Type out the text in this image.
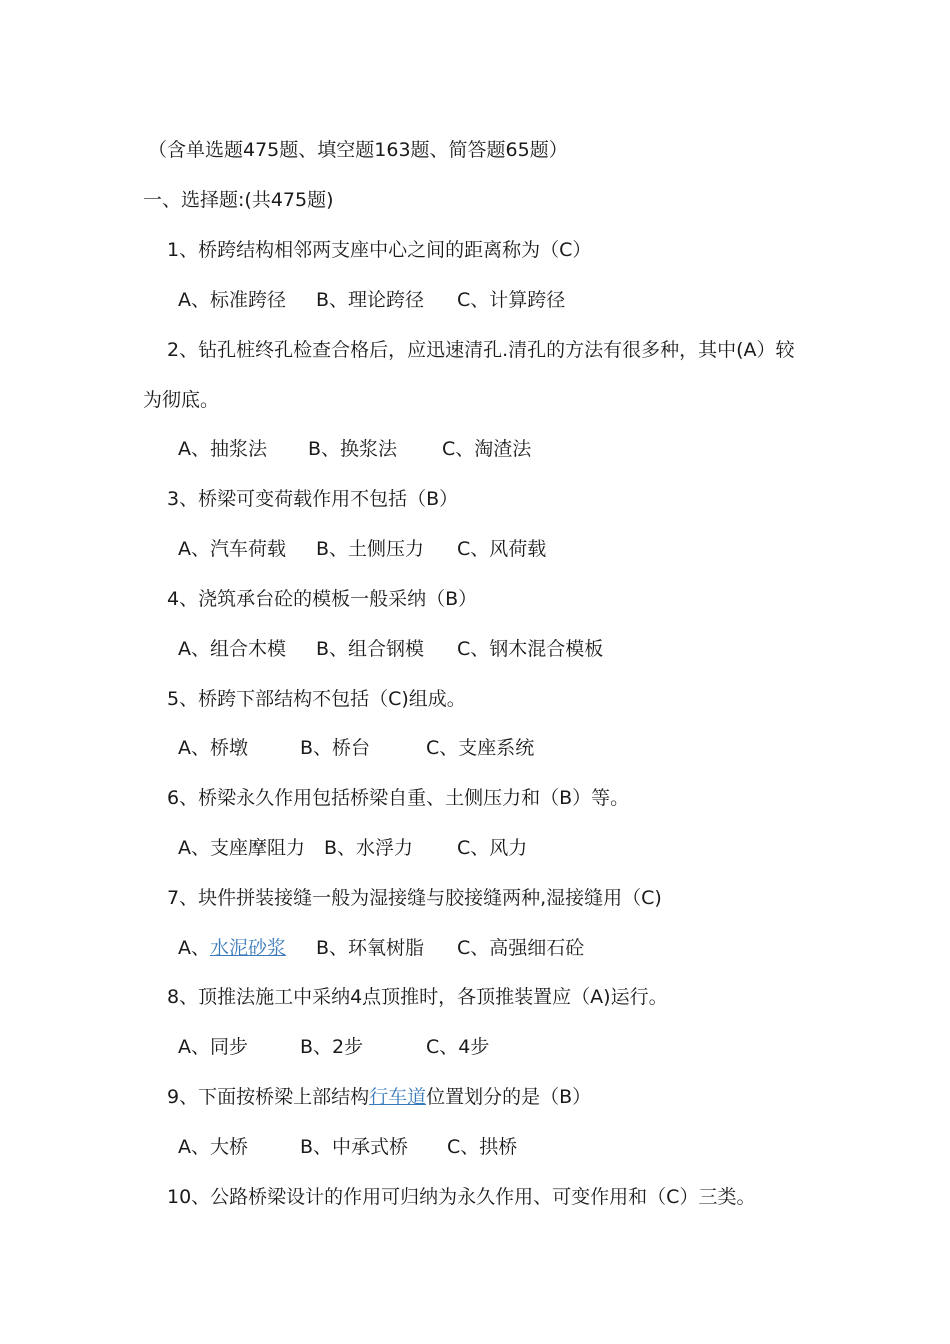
（含单选题475题、填空题163题、简答题65题）
一、选择题:(共475题)
1、桥跨结构相邻两支座中心之间的距离称为（C）
A、标准跨径 B、理论跨径 C、计算跨径
2、钻孔桩终孔检查合格后，应迅速清孔.清孔的方法有很多种，其中(A）较
为彻底。
A、抽浆法 B、换浆法 C、淘渣法
3、桥梁可变荷载作用不包括（B）
A、汽车荷载 B、土侧压力 C、风荷载
4、浇筑承台砼的模板一般采纳（B）
A、组合木模 B、组合钢模 C、钢木混合模板
5、桥跨下部结构不包括（C)组成。
A、桥墩	B、桥台	C、支座系统
6、桥梁永久作用包括桥梁自重、土侧压力和（B）等。
A、支座摩阻力 B、水浮力 C、风力
7、块件拼装接缝一般为湿接缝与胶接缝两种,湿接缝用（C)
A、水泥砂浆 B、环氧树脂 C、高强细石砼
8、顶推法施工中采纳4点顶推时，各顶推装置应（A)运行。
A、同步	B、2步	C、4步
9、下面按桥梁上部结构行车道位置划分的是（B）
A、大桥	B、中承式桥 C、拱桥
10、公路桥梁设计的作用可归纳为永久作用、可变作用和（C）三类。
